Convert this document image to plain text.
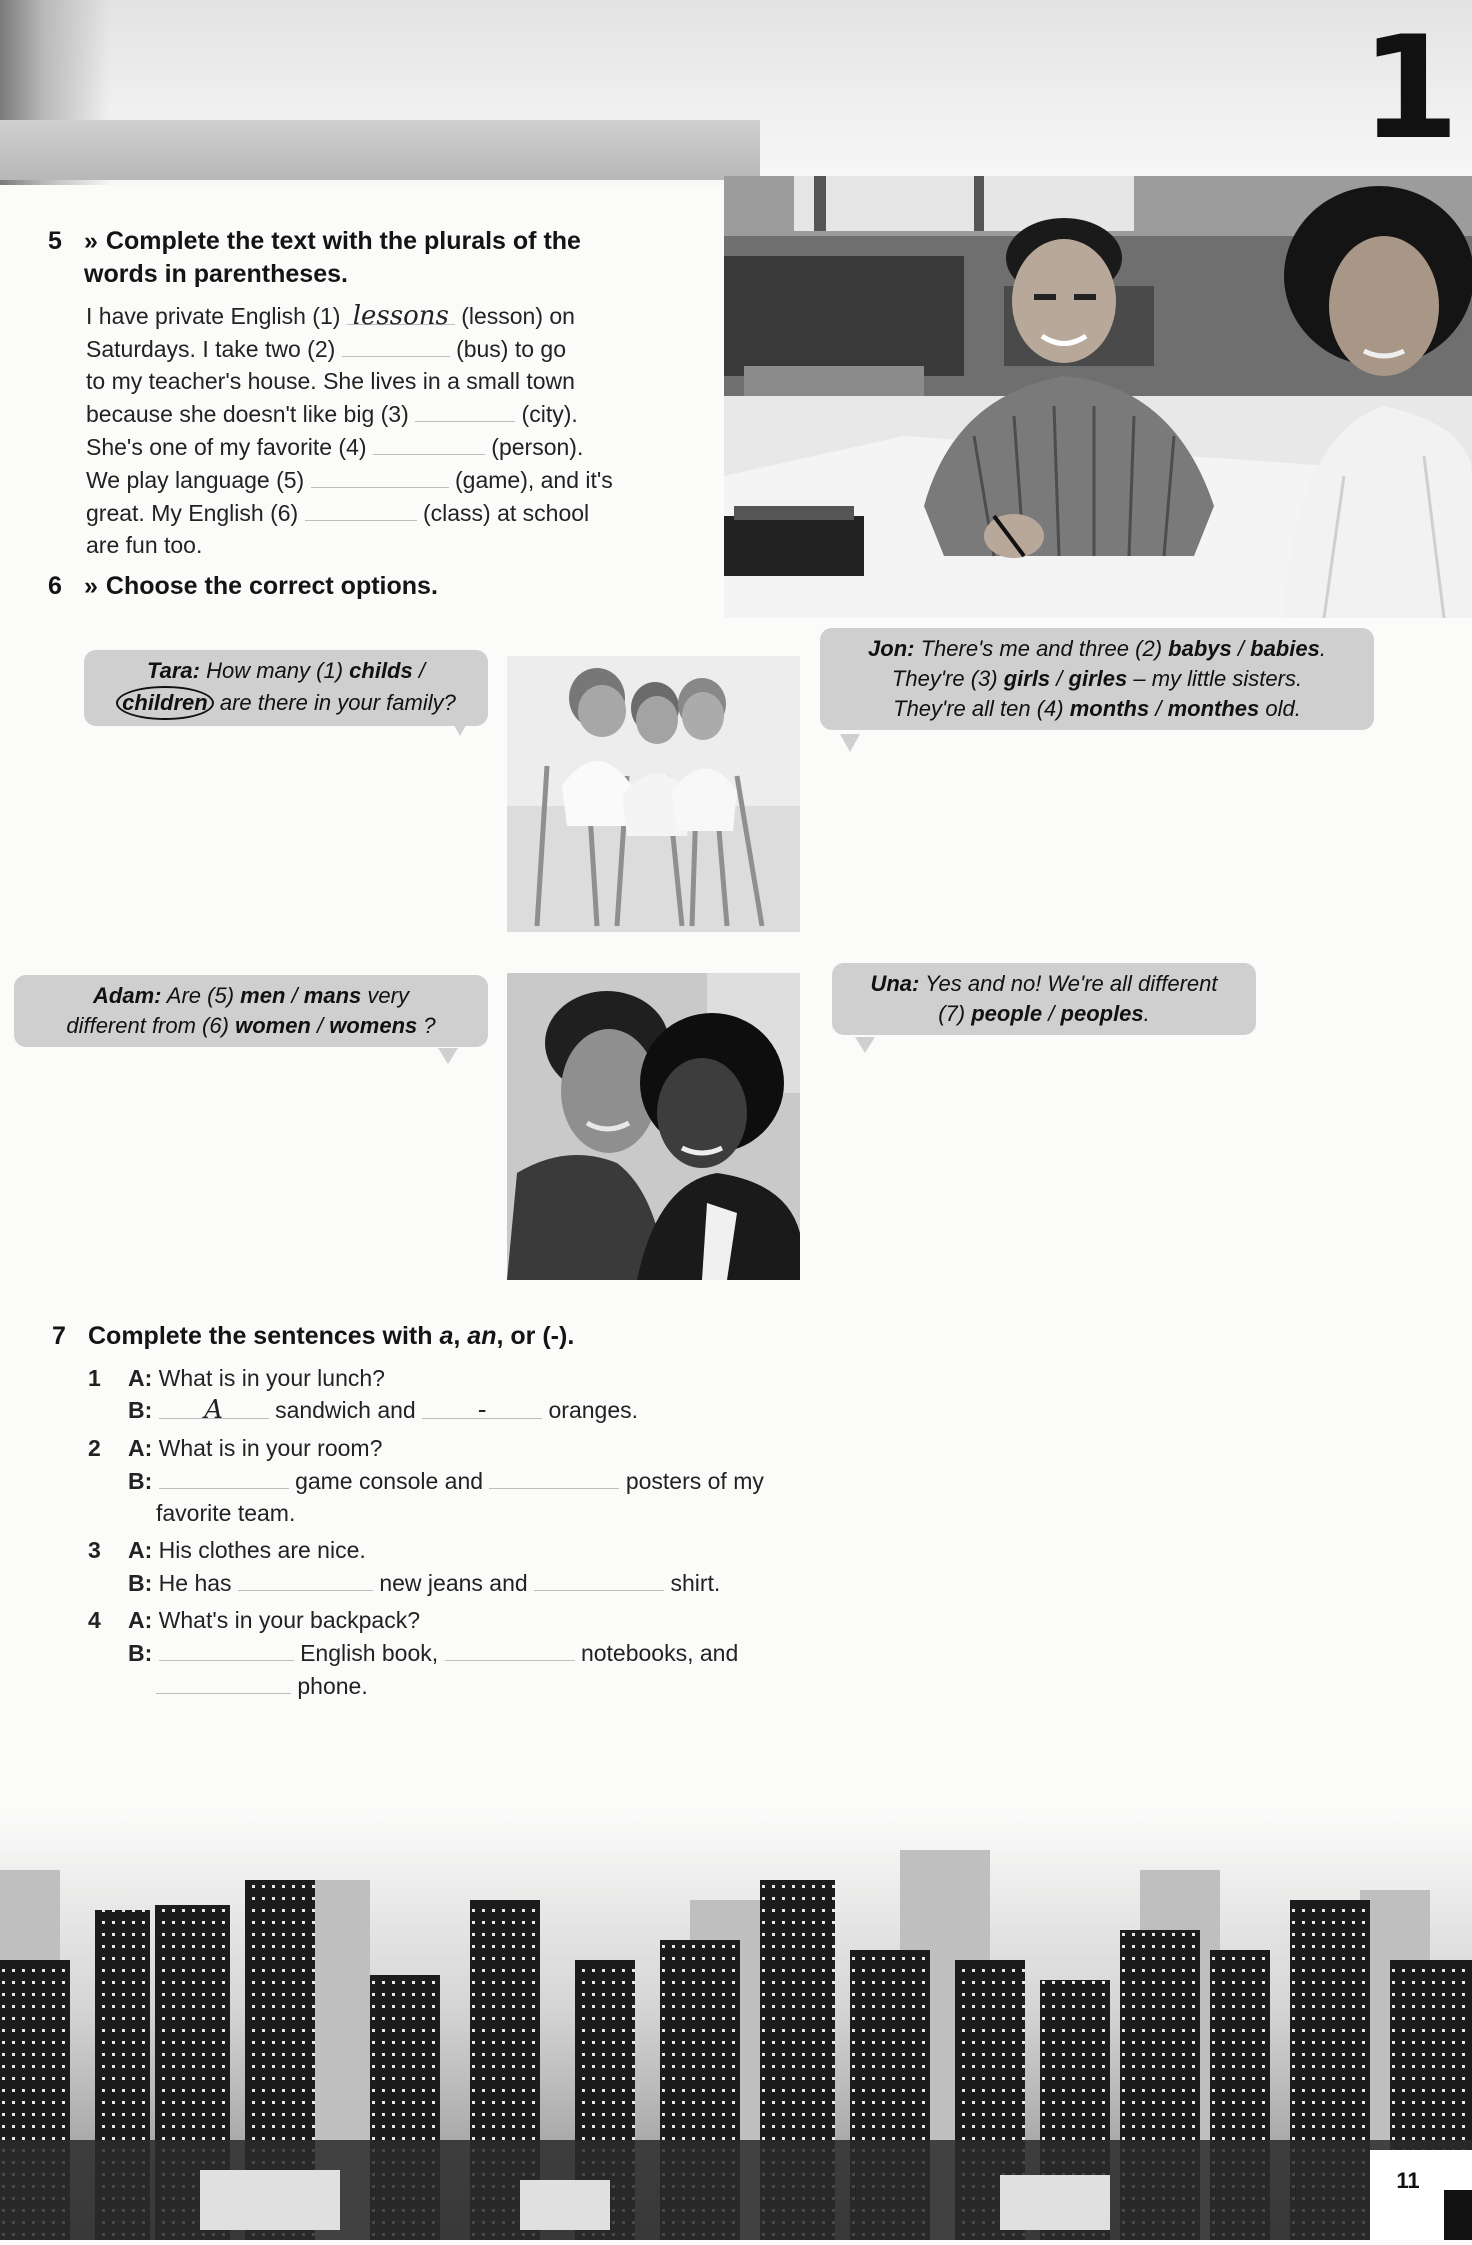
1
5 » Complete the text with the plurals of the
words in parentheses.
I have private English (1) lessons (lesson) on
Saturdays. I take two (2)	(bus) to go
to my teacher's house. She lives in a small town
because she doesn't like big (3)	(city).
She's one of my favorite (4)	(person).
We play language (5)	(game), and it's
great. My English (6)	(class) at school
are fun too.
6 » Choose the correct options.
Tara: How many (1) childs /
children are there in your family?
Jon: There's me and three (2) babys / babies.
They're (3) girls / girles – my little sisters.
They're all ten (4) months / monthes old.
Adam: Are (5) men / mans very
different from (6) women / womens ?
Una: Yes and no! We're all different
(7) people / peoples.
7 Complete the sentences with a, an, or (-).
1 A: What is in your lunch?
B: A sandwich and -	oranges.
2 A: What is in your room?
B:	game console and	posters of my
favorite team.
3 A: His clothes are nice.
B: He has	new jeans and	shirt.
4 A: What's in your backpack?
B:	English book,	notebooks, and
phone.
11
